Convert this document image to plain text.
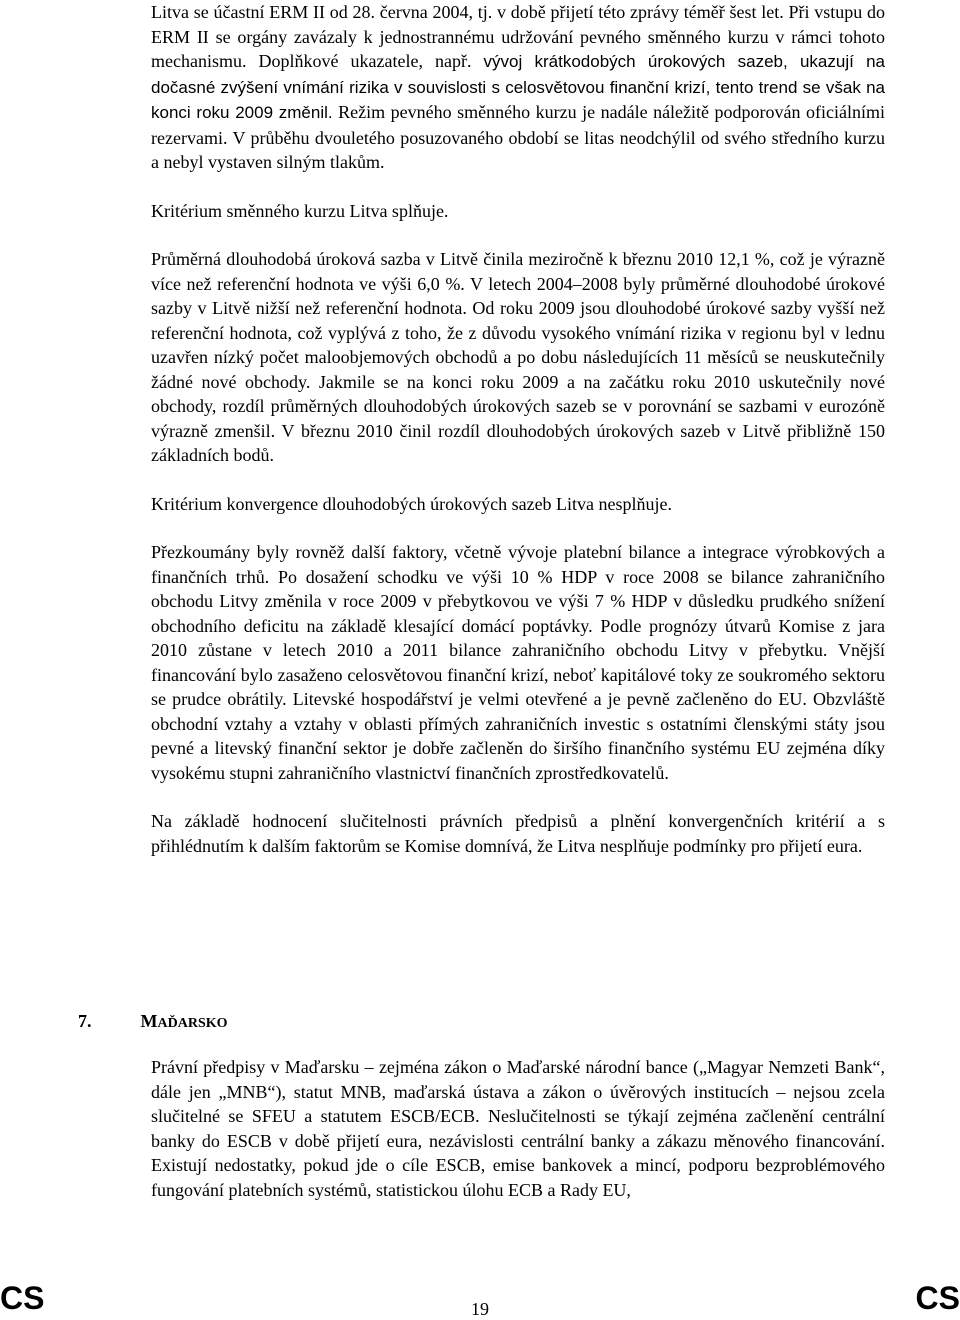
Litva se účastní ERM II od 28. června 2004, tj. v době přijetí této zprávy téměř šest let. Při vstupu do ERM II se orgány zavázaly k jednostrannému udržování pevného směnného kurzu v rámci tohoto mechanismu. Doplňkové ukazatele, např. vývoj krátkodobých úrokových sazeb, ukazují na dočasné zvýšení vnímání rizika v souvislosti s celosvětovou finanční krizí, tento trend se však na konci roku 2009 změnil. Režim pevného směnného kurzu je nadále náležitě podporován oficiálními rezervami. V průběhu dvouletého posuzovaného období se litas neodchýlil od svého středního kurzu a nebyl vystaven silným tlakům.

Kritérium směnného kurzu Litva splňuje.

Průměrná dlouhodobá úroková sazba v Litvě činila meziročně k březnu 2010 12,1 %, což je výrazně více než referenční hodnota ve výši 6,0 %. V letech 2004–2008 byly průměrné dlouhodobé úrokové sazby v Litvě nižší než referenční hodnota. Od roku 2009 jsou dlouhodobé úrokové sazby vyšší než referenční hodnota, což vyplývá z toho, že z důvodu vysokého vnímání rizika v regionu byl v lednu uzavřen nízký počet maloobjemových obchodů a po dobu následujících 11 měsíců se neuskutečnily žádné nové obchody. Jakmile se na konci roku 2009 a na začátku roku 2010 uskutečnily nové obchody, rozdíl průměrných dlouhodobých úrokových sazeb se v porovnání se sazbami v eurozóně výrazně zmenšil. V březnu 2010 činil rozdíl dlouhodobých úrokových sazeb v Litvě přibližně 150 základních bodů.

Kritérium konvergence dlouhodobých úrokových sazeb Litva nesplňuje.

Přezkoumány byly rovněž další faktory, včetně vývoje platební bilance a integrace výrobkových a finančních trhů. Po dosažení schodku ve výši 10 % HDP v roce 2008 se bilance zahraničního obchodu Litvy změnila v roce 2009 v přebytkovou ve výši 7 % HDP v důsledku prudkého snížení obchodního deficitu na základě klesající domácí poptávky. Podle prognózy útvarů Komise z jara 2010 zůstane v letech 2010 a 2011 bilance zahraničního obchodu Litvy v přebytku. Vnější financování bylo zasaženo celosvětovou finanční krizí, neboť kapitálové toky ze soukromého sektoru se prudce obrátily. Litevské hospodářství je velmi otevřené a je pevně začleněno do EU. Obzvláště obchodní vztahy a vztahy v oblasti přímých zahraničních investic s ostatními členskými státy jsou pevné a litevský finanční sektor je dobře začleněn do širšího finančního systému EU zejména díky vysokému stupni zahraničního vlastnictví finančních zprostředkovatelů.

Na základě hodnocení slučitelnosti právních předpisů a plnění konvergenčních kritérií a s přihlédnutím k dalším faktorům se Komise domnívá, že Litva nesplňuje podmínky pro přijetí eura.

7.	MAĎARSKO

Právní předpisy v Maďarsku – zejména zákon o Maďarské národní bance („Magyar Nemzeti Bank“, dále jen „MNB“), statut MNB, maďarská ústava a zákon o úvěrových institucích – nejsou zcela slučitelné se SFEU a statutem ESCB/ECB. Neslučitelnosti se týkají zejména začlenění centrální banky do ESCB v době přijetí eura, nezávislosti centrální banky a zákazu měnového financování. Existují nedostatky, pokud jde o cíle ESCB, emise bankovek a mincí, podporu bezproblémového fungování platebních systémů, statistickou úlohu ECB a Rady EU,

CS	19	CS
